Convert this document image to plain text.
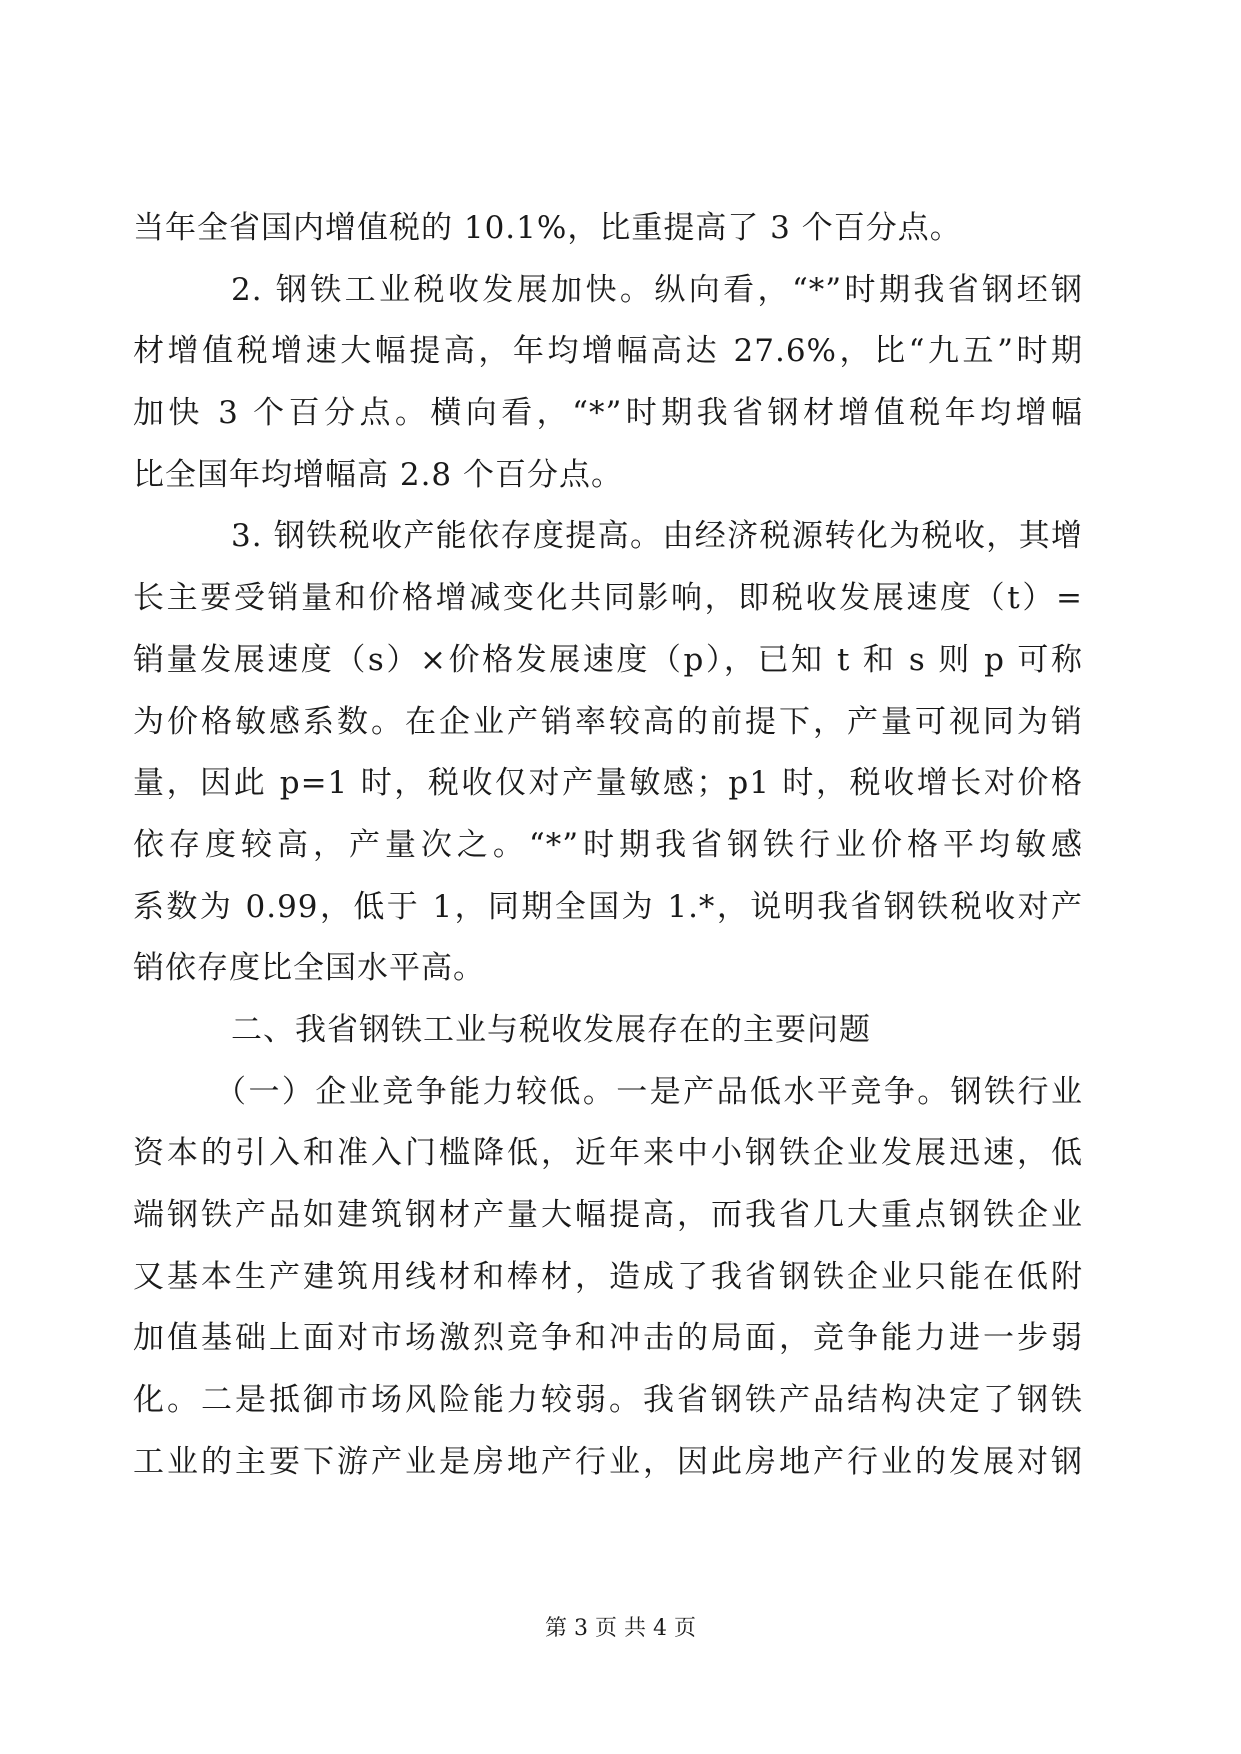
当年全省国内增值税的 10.1%，比重提高了 3 个百分点。
2. 钢铁工业税收发展加快。纵向看，“*”时期我省钢坯钢
材增值税增速大幅提高，年均增幅高达 27.6%，比“九五”时期
加快 3 个百分点。横向看，“*”时期我省钢材增值税年均增幅
比全国年均增幅高 2.8 个百分点。
3. 钢铁税收产能依存度提高。由经济税源转化为税收，其增
长主要受销量和价格增减变化共同影响，即税收发展速度（t）=
销量发展速度（s）×价格发展速度（p），已知 t 和 s 则 p 可称
为价格敏感系数。在企业产销率较高的前提下，产量可视同为销
量，因此 p=1 时，税收仅对产量敏感；p1 时，税收增长对价格
依存度较高，产量次之。“*”时期我省钢铁行业价格平均敏感
系数为 0.99，低于 1，同期全国为 1.*，说明我省钢铁税收对产
销依存度比全国水平高。
二、我省钢铁工业与税收发展存在的主要问题
（一）企业竞争能力较低。一是产品低水平竞争。钢铁行业
资本的引入和准入门槛降低，近年来中小钢铁企业发展迅速，低
端钢铁产品如建筑钢材产量大幅提高，而我省几大重点钢铁企业
又基本生产建筑用线材和棒材，造成了我省钢铁企业只能在低附
加值基础上面对市场激烈竞争和冲击的局面，竞争能力进一步弱
化。二是抵御市场风险能力较弱。我省钢铁产品结构决定了钢铁
工业的主要下游产业是房地产行业，因此房地产行业的发展对钢
第 3 页 共 4 页
